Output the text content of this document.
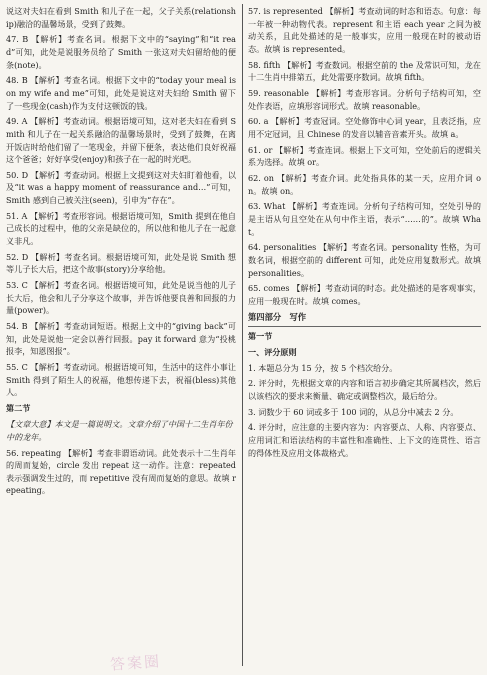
说这对夫妇在看到 Smith 和儿子在一起，父子关系(relationship)融洽的温馨场景，受到了鼓舞。

47. B 【解析】考查名词。根据下文中的“saying”和“it read”可知，此处是说服务员给了 Smith 一张这对夫妇留给他的便条(note)。

48. B 【解析】考查名词。根据下文中的“today your meal is on my wife and me”可知，此处是说这对夫妇给 Smith 留下了一些现金(cash)作为支付这顿饭的钱。

49. A 【解析】考查动词。根据语境可知，这对老夫妇在看到 Smith 和儿子在一起关系融洽的温馨场景时，受到了鼓舞，在离开饭店时给他们留了一笔现金，并留下便条，表达他们良好祝福这个爸爸；好好享受(enjoy)和孩子在一起的时光吧。

50. D 【解析】考查动词。根据上文提到这对夫妇盯着他看，以及“it was a happy moment of reassurance and…”可知，Smith 感到自己被关注(seen)，引申为“存在”。

51. A 【解析】考查形容词。根据语境可知，Smith 提到在他自己成长的过程中，他的父亲是缺位的，所以他和他儿子在一起意义非凡。

52. D 【解析】考查名词。根据语境可知，此处是说 Smith 想等儿子长大后，把这个故事(story)分享给他。

53. C 【解析】考查名词。根据语境可知，此处是说当他的儿子长大后，他会和儿子分享这个故事，并告诉他要良善和回报的力量(power)。

54. B 【解析】考查动词短语。根据上文中的“giving back”可知，此处是说他一定会以善行回报。pay it forward 意为“投桃报李，知恩图报”。

55. C 【解析】考查动词。根据语境可知，生活中的这件小事让 Smith 得到了陌生人的祝福，他想传递下去，祝福(bless)其他人。

第二节

【文章大意】本文是一篇说明文。文章介绍了中国十二生肖年份中的龙年。

56. repeating 【解析】考查非谓语动词。此处表示十二生肖年的周而复始，circle 发出 repeat 这一动作。注意：repeated 表示强调发生过的，而 repetitive 没有周而复始的意思。故填 repeating。

57. is represented 【解析】考查动词的时态和语态。句意：每一年被一种动物代表。represent 和主语 each year 之间为被动关系，且此处描述的是一般事实，应用一般现在时的被动语态。故填 is represented。

58. fifth 【解析】考查数词。根据空前的 the 及常识可知，龙在十二生肖中排第五，此处需要序数词。故填 fifth。

59. reasonable 【解析】考查形容词。分析句子结构可知，空处作表语，应填形容词形式。故填 reasonable。

60. a 【解析】考查冠词。空处修饰中心词 year，且表泛指，应用不定冠词，且 Chinese 的发音以辅音音素开头。故填 a。

61. or 【解析】考查连词。根据上下文可知，空处前后的逻辑关系为选择。故填 or。

62. on 【解析】考查介词。此处指具体的某一天，应用介词 on。故填 on。

63. What 【解析】考查连词。分析句子结构可知，空处引导的是主语从句且空处在从句中作主语，表示“……的”。故填 What。

64. personalities 【解析】考查名词。personality 性格，为可数名词，根据空前的 different 可知，此处应用复数形式。故填 personalities。

65. comes 【解析】考查动词的时态。此处描述的是客观事实，应用一般现在时。故填 comes。

第四部分　写作

第一节

一、评分原则

1. 本题总分为 15 分，按 5 个档次给分。

2. 评分时，先根据文章的内容和语言初步确定其所属档次，然后以该档次的要求来衡量、确定或调整档次，最后给分。

3. 词数少于 60 词或多于 100 词的，从总分中减去 2 分。

4. 评分时，应注意的主要内容为：内容要点、人称、内容要点、应用词汇和语法结构的丰富性和准确性、上下文的连贯性、语言的得体性及应用文体裁格式。

答案圈
